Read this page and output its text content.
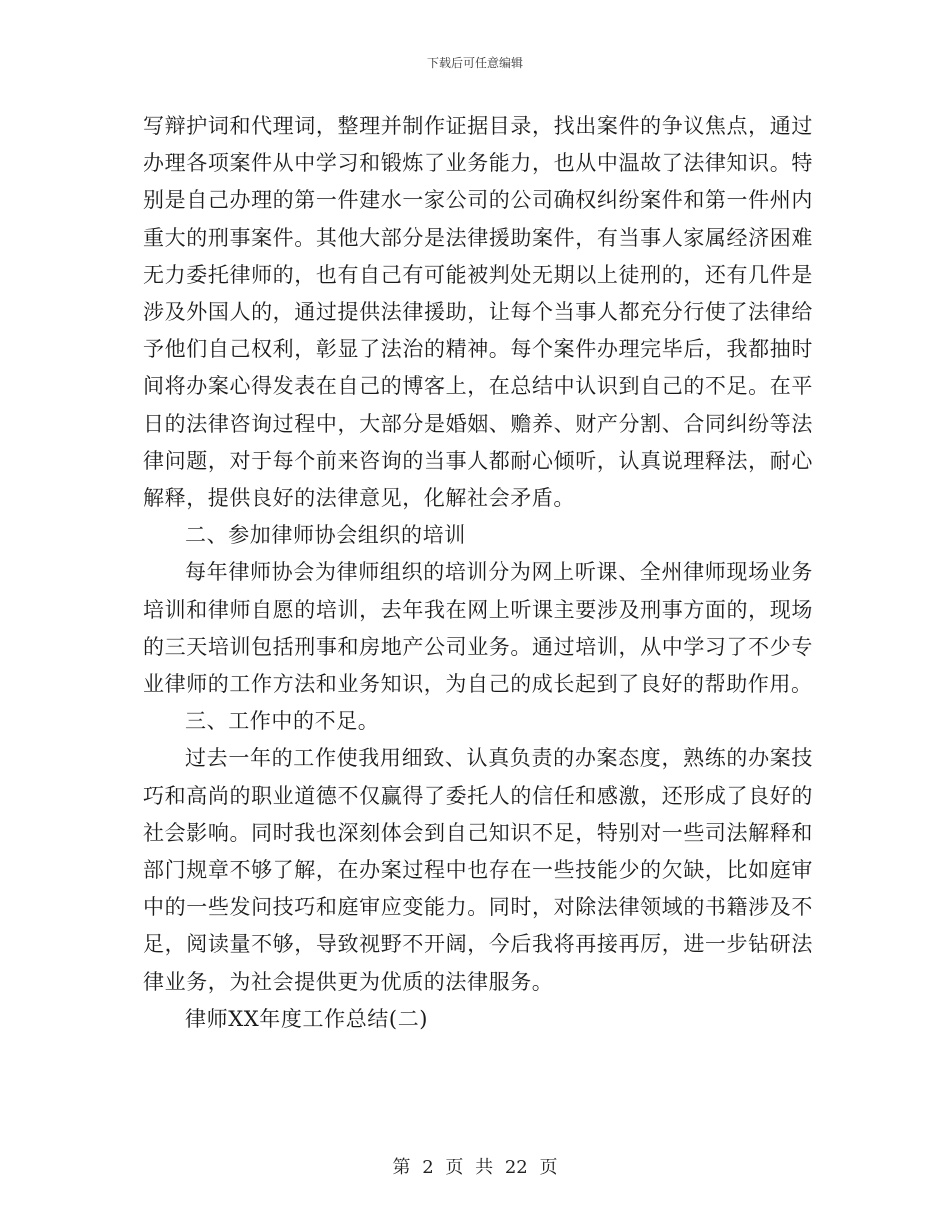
下载后可任意编辑

写辩护词和代理词，整理并制作证据目录，找出案件的争议焦点，通过办理各项案件从中学习和锻炼了业务能力，也从中温故了法律知识。特别是自己办理的第一件建水一家公司的公司确权纠纷案件和第一件州内重大的刑事案件。其他大部分是法律援助案件，有当事人家属经济困难无力委托律师的，也有自己有可能被判处无期以上徒刑的，还有几件是涉及外国人的，通过提供法律援助，让每个当事人都充分行使了法律给予他们自己权利，彰显了法治的精神。每个案件办理完毕后，我都抽时间将办案心得发表在自己的博客上，在总结中认识到自己的不足。在平日的法律咨询过程中，大部分是婚姻、赡养、财产分割、合同纠纷等法律问题，对于每个前来咨询的当事人都耐心倾听，认真说理释法，耐心解释，提供良好的法律意见，化解社会矛盾。

二、参加律师协会组织的培训

每年律师协会为律师组织的培训分为网上听课、全州律师现场业务培训和律师自愿的培训，去年我在网上听课主要涉及刑事方面的，现场的三天培训包括刑事和房地产公司业务。通过培训，从中学习了不少专业律师的工作方法和业务知识，为自己的成长起到了良好的帮助作用。

三、工作中的不足。

过去一年的工作使我用细致、认真负责的办案态度，熟练的办案技巧和高尚的职业道德不仅赢得了委托人的信任和感激，还形成了良好的社会影响。同时我也深刻体会到自己知识不足，特别对一些司法解释和部门规章不够了解，在办案过程中也存在一些技能少的欠缺，比如庭审中的一些发问技巧和庭审应变能力。同时，对除法律领域的书籍涉及不足，阅读量不够，导致视野不开阔，今后我将再接再厉，进一步钻研法律业务，为社会提供更为优质的法律服务。

律师XX年度工作总结(二)

第 2 页 共 22 页
